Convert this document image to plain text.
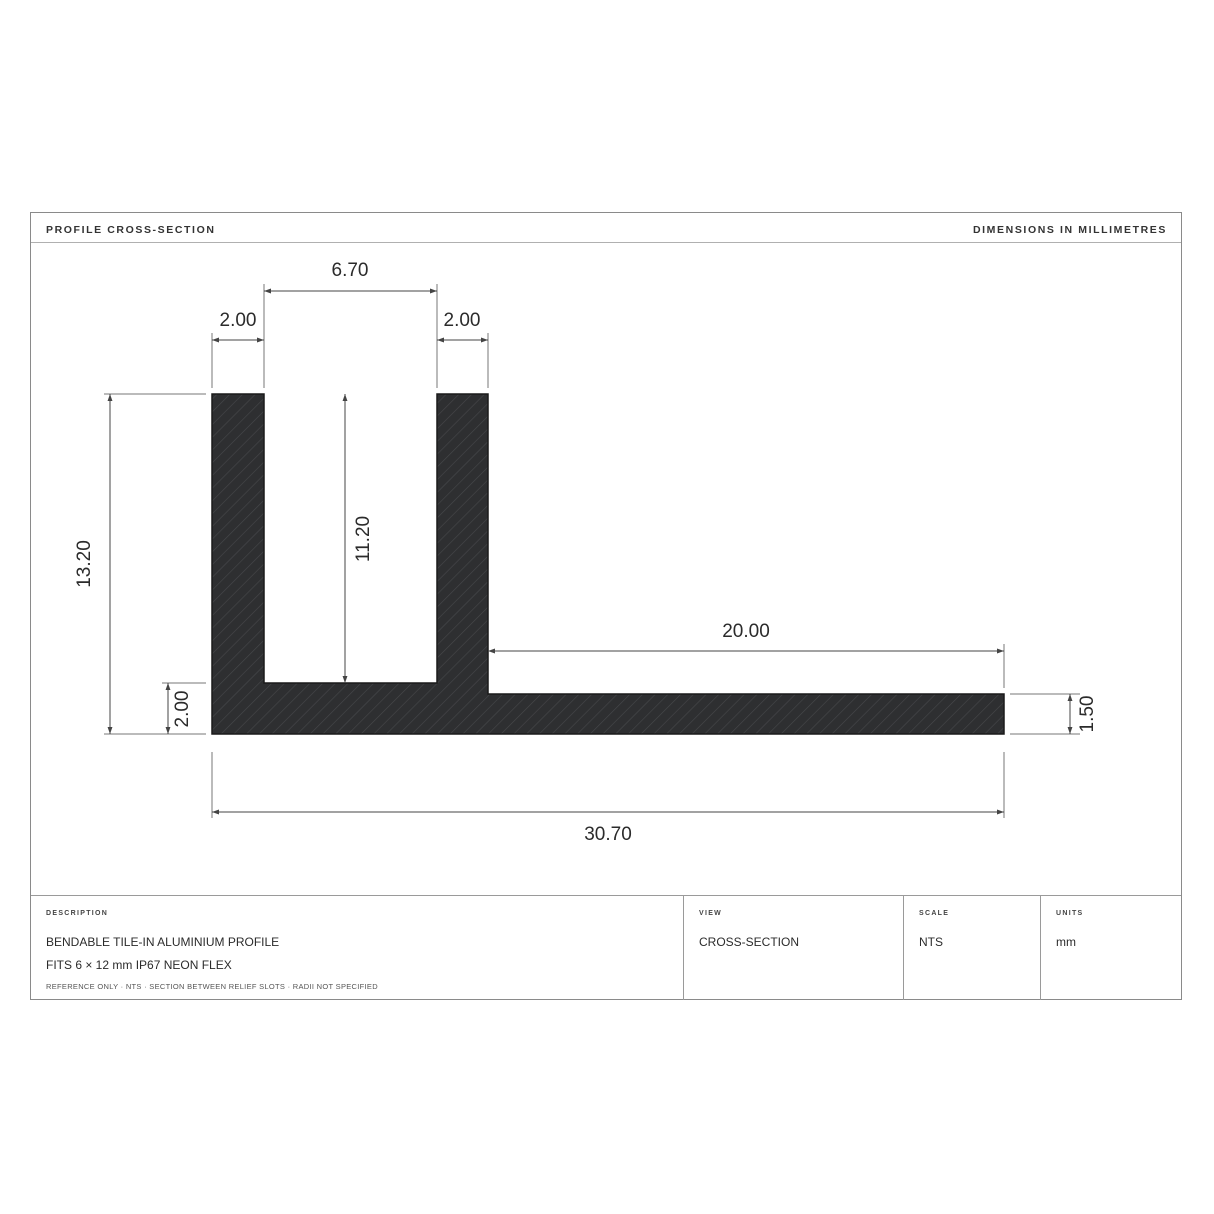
PROFILE CROSS-SECTION	DIMENSIONS IN MILLIMETRES
DESCRIPTION
BENDABLE TILE-IN ALUMINIUM PROFILE
FITS 6 × 12 mm IP67 NEON FLEX
REFERENCE ONLY · NTS · SECTION BETWEEN RELIEF SLOTS · RADII NOT SPECIFIED
VIEW
CROSS-SECTION
SCALE
NTS
UNITS
mm
6.70
2.00	2.00
13.20
11.20
2.00
20.00
1.50
30.70
